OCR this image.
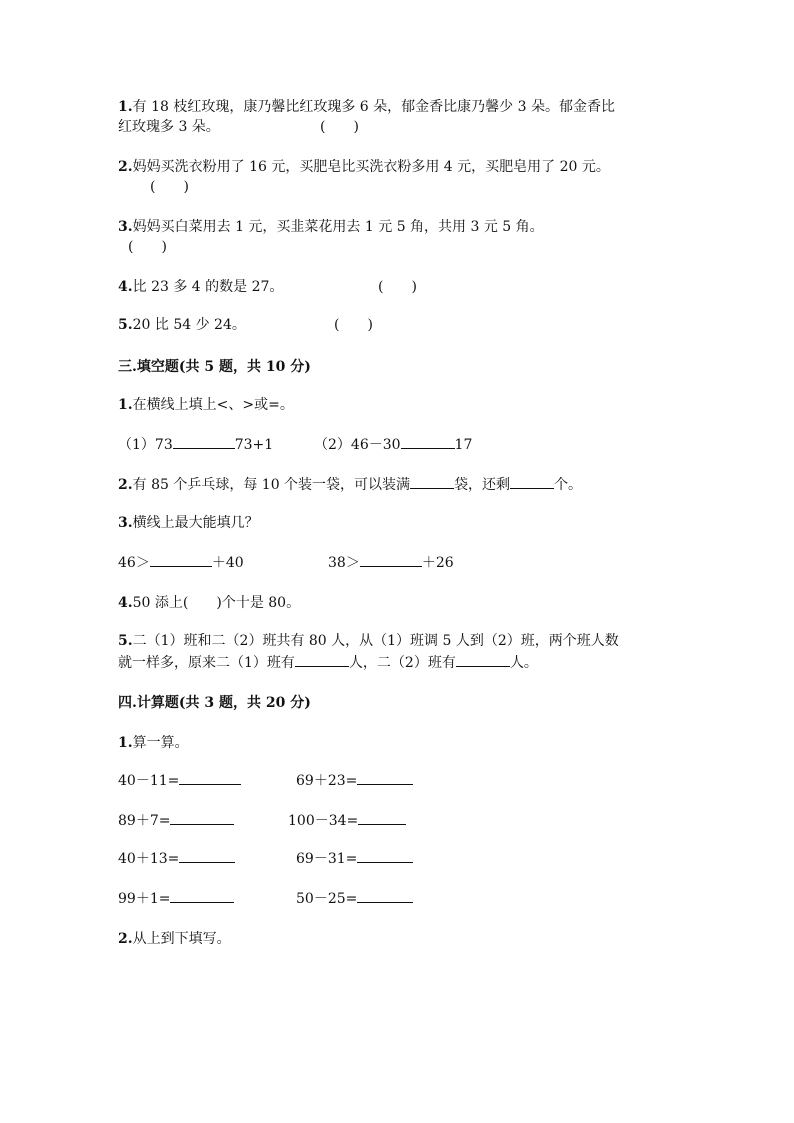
1.有 18 枝红玫瑰，康乃馨比红玫瑰多 6 朵，郁金香比康乃馨少 3 朵。郁金香比
红玫瑰多 3 朵。	(　　)
2.妈妈买洗衣粉用了 16 元，买肥皂比买洗衣粉多用 4 元，买肥皂用了 20 元。
(　　)
3.妈妈买白菜用去 1 元，买韭菜花用去 1 元 5 角，共用 3 元 5 角。
(　　)
4.比 23 多 4 的数是 27。	(　　)
5.20 比 54 少 24。	(　　)
三.填空题(共 5 题，共 10 分)
1.在横线上填上<、>或=。
（1）73	73+1	（2）46－30	17
2.有 85 个乒乓球，每 10 个装一袋，可以装满	袋，还剩	个。
3.横线上最大能填几？
46＞	＋40	38＞	＋26
4.50 添上(　　)个十是 80。
5.二（1）班和二（2）班共有 80 人，从（1）班调 5 人到（2）班，两个班人数
就一样多，原来二（1）班有	人，二（2）班有	人。
四.计算题(共 3 题，共 20 分)
1.算一算。
40－11=	69＋23=
89＋7=	100－34=
40＋13=	69－31=
99＋1=	50－25=
2.从上到下填写。
